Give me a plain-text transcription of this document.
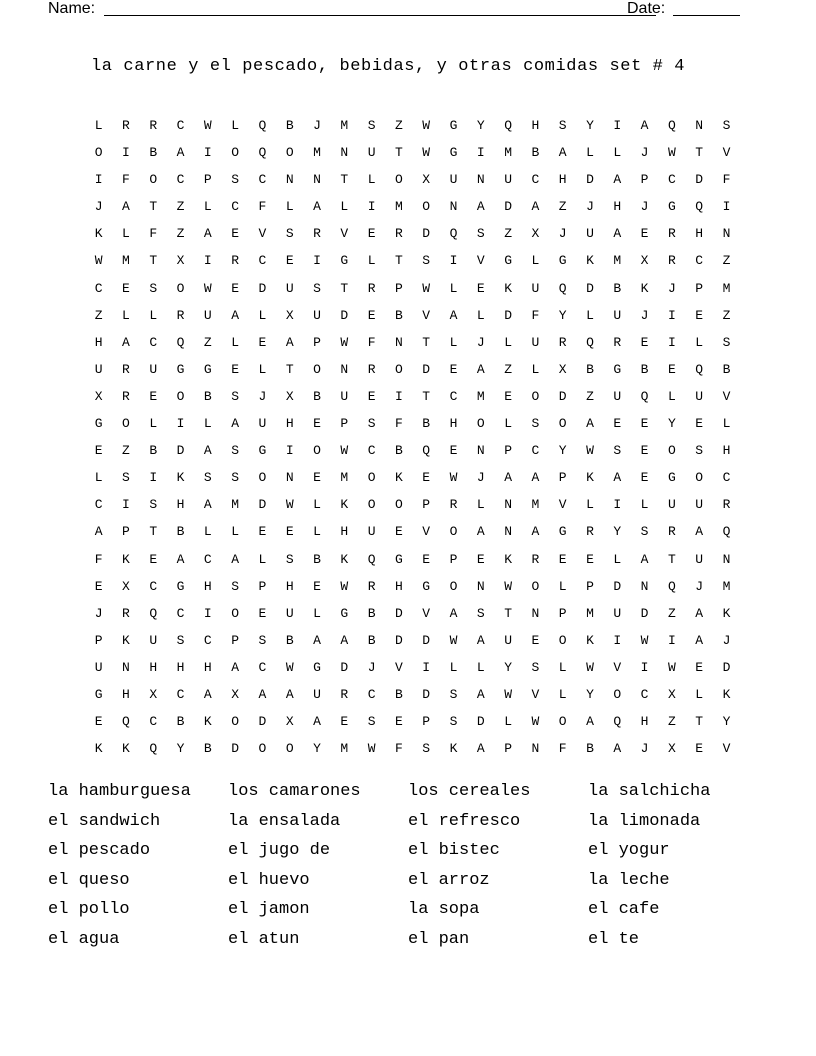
Name:	Date:
la carne y el pescado, bebidas, y otras comidas set # 4
L	R	R	C	W	L	Q	B	J	M	S	Z	W	G	Y	Q	H	S	Y	I	A	Q	N	S
O	I	B	A	I	O	Q	O	M	N	U	T	W	G	I	M	B	A	L	L	J	W	T	V
I	F	O	C	P	S	C	N	N	T	L	O	X	U	N	U	C	H	D	A	P	C	D	F
J	A	T	Z	L	C	F	L	A	L	I	M	O	N	A	D	A	Z	J	H	J	G	Q	I
K	L	F	Z	A	E	V	S	R	V	E	R	D	Q	S	Z	X	J	U	A	E	R	H	N
W	M	T	X	I	R	C	E	I	G	L	T	S	I	V	G	L	G	K	M	X	R	C	Z
C	E	S	O	W	E	D	U	S	T	R	P	W	L	E	K	U	Q	D	B	K	J	P	M
Z	L	L	R	U	A	L	X	U	D	E	B	V	A	L	D	F	Y	L	U	J	I	E	Z
H	A	C	Q	Z	L	E	A	P	W	F	N	T	L	J	L	U	R	Q	R	E	I	L	S
U	R	U	G	G	E	L	T	O	N	R	O	D	E	A	Z	L	X	B	G	B	E	Q	B
X	R	E	O	B	S	J	X	B	U	E	I	T	C	M	E	O	D	Z	U	Q	L	U	V
G	O	L	I	L	A	U	H	E	P	S	F	B	H	O	L	S	O	A	E	E	Y	E	L
E	Z	B	D	A	S	G	I	O	W	C	B	Q	E	N	P	C	Y	W	S	E	O	S	H
L	S	I	K	S	S	O	N	E	M	O	K	E	W	J	A	A	P	K	A	E	G	O	C
C	I	S	H	A	M	D	W	L	K	O	O	P	R	L	N	M	V	L	I	L	U	U	R
A	P	T	B	L	L	E	E	L	H	U	E	V	O	A	N	A	G	R	Y	S	R	A	Q
F	K	E	A	C	A	L	S	B	K	Q	G	E	P	E	K	R	E	E	L	A	T	U	N
E	X	C	G	H	S	P	H	E	W	R	H	G	O	N	W	O	L	P	D	N	Q	J	M
J	R	Q	C	I	O	E	U	L	G	B	D	V	A	S	T	N	P	M	U	D	Z	A	K
P	K	U	S	C	P	S	B	A	A	B	D	D	W	A	U	E	O	K	I	W	I	A	J
U	N	H	H	H	A	C	W	G	D	J	V	I	L	L	Y	S	L	W	V	I	W	E	D
G	H	X	C	A	X	A	A	U	R	C	B	D	S	A	W	V	L	Y	O	C	X	L	K
E	Q	C	B	K	O	D	X	A	E	S	E	P	S	D	L	W	O	A	Q	H	Z	T	Y
K	K	Q	Y	B	D	O	O	Y	M	W	F	S	K	A	P	N	F	B	A	J	X	E	V
la hamburguesa	los camarones	los cereales	la salchicha
el sandwich	la ensalada	el refresco	la limonada
el pescado	el jugo de	el bistec	el yogur
el queso	el huevo	el arroz	la leche
el pollo	el jamon	la sopa	el cafe
el agua	el atun	el pan	el te
